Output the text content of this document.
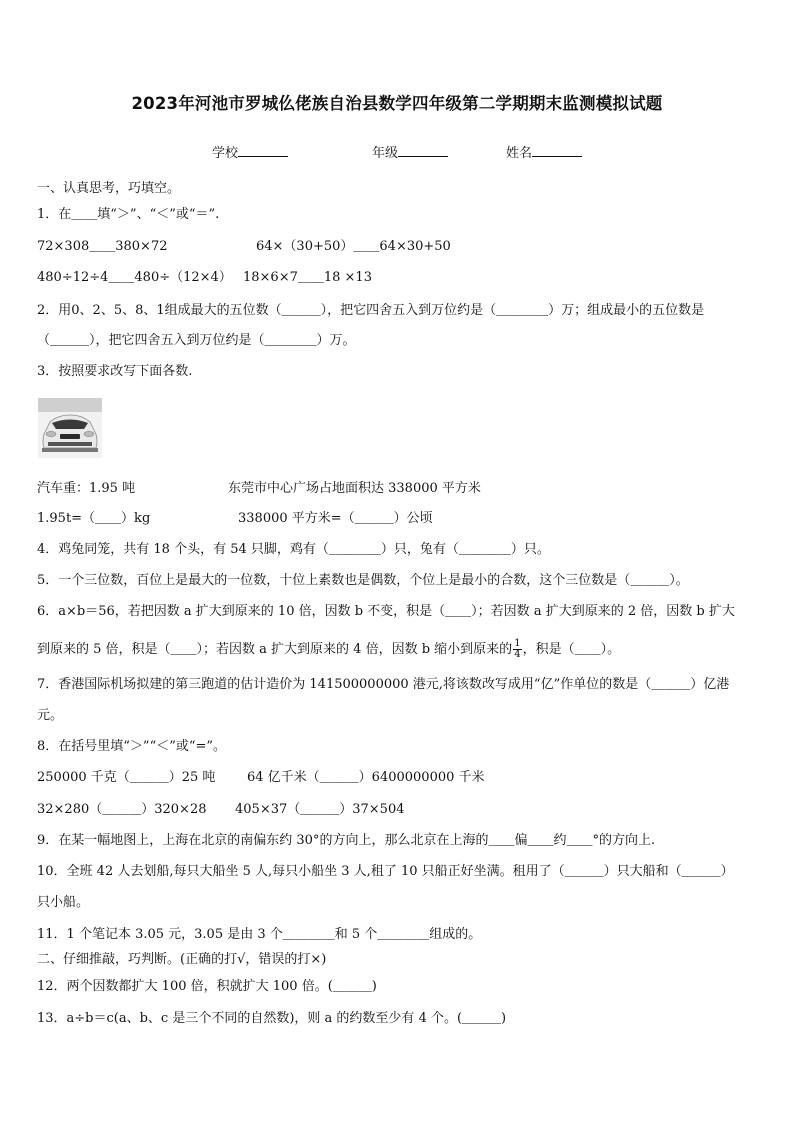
2023年河池市罗城仫佬族自治县数学四年级第二学期期末监测模拟试题
学校	年级	姓名
一、认真思考，巧填空。
1．在＿＿填“＞”、“＜”或“＝”.
72×308＿＿380×72	64×（30+50）＿＿64×30+50
480÷12÷4＿＿480÷（12×4） 18×6×7＿＿18 ×13
2．用0、2、5、8、1组成最大的五位数（＿＿＿），把它四舍五入到万位约是（＿＿＿＿）万；组成最小的五位数是
（＿＿＿），把它四舍五入到万位约是（＿＿＿＿）万。
3．按照要求改写下面各数.
汽车重：1.95 吨	东莞市中心广场占地面积达 338000 平方米
1.95t=（＿＿）kg	338000 平方米=（＿＿＿）公顷
4．鸡兔同笼，共有 18 个头，有 54 只脚，鸡有（＿＿＿＿）只，兔有（＿＿＿＿）只。
5．一个三位数，百位上是最大的一位数，十位上素数也是偶数，个位上是最小的合数，这个三位数是（＿＿＿）。
6．a×b＝56，若把因数 a 扩大到原来的 10 倍，因数 b 不变，积是（＿＿）；若因数 a 扩大到原来的 2 倍，因数 b 扩大
到原来的 5 倍，积是（＿＿）；若因数 a 扩大到原来的 4 倍，因数 b 缩小到原来的 $\frac{1}{4}$ ，积是（＿＿）。
7．香港国际机场拟建的第三跑道的估计造价为 141500000000 港元,将该数改写成用“亿”作单位的数是（＿＿＿）亿港
元。
8．在括号里填“＞”“＜”或“=”。
250000 千克（＿＿＿）25 吨 64 亿千米（＿＿＿）6400000000 千米
32×280（＿＿＿）320×28 405×37（＿＿＿）37×504
9．在某一幅地图上，上海在北京的南偏东约 30°的方向上，那么北京在上海的＿＿偏＿＿约＿＿°的方向上.
10．全班 42 人去划船,每只大船坐 5 人,每只小船坐 3 人,租了 10 只船正好坐满。租用了（＿＿＿）只大船和（＿＿＿）
只小船。
11．1 个笔记本 3.05 元，3.05 是由 3 个＿＿＿＿和 5 个＿＿＿＿组成的。
二、仔细推敲，巧判断。(正确的打√，错误的打×)
12．两个因数都扩大 100 倍，积就扩大 100 倍。(＿＿＿)
13．a÷b＝c(a、b、c 是三个不同的自然数)，则 a 的约数至少有 4 个。(＿＿＿)
